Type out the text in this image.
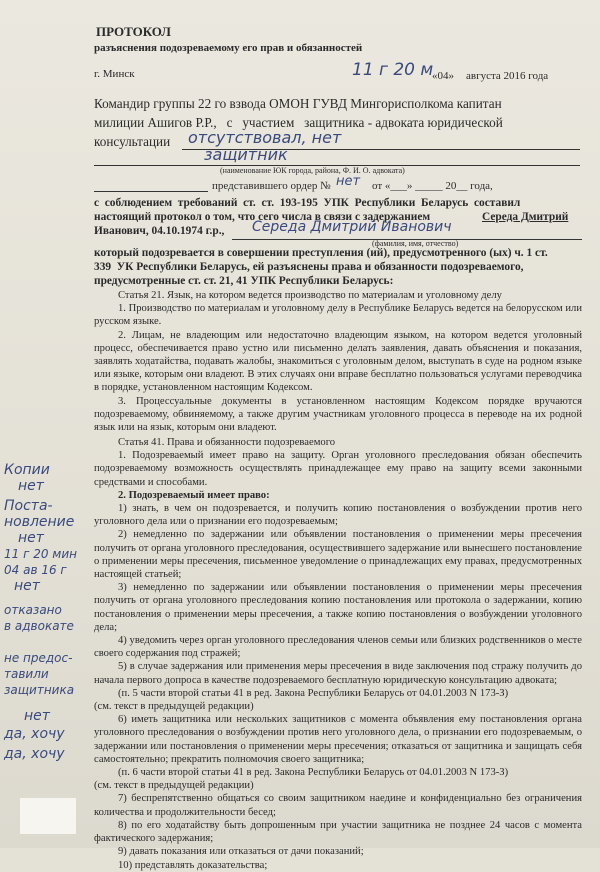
ПРОТОКОЛ
разъяснения подозреваемому его прав и обязанностей
г. Минск	11 г 20 м
«04» августа 2016 года
Командир группы 22 го взвода ОМОН ГУВД Мингорисполкома капитан
милиции Ашигов Р.Р.,   с   участием   защитника - адвоката юридической
консультации отсутствовал, нет
защитник
(наименование ЮК города, района, Ф. И. О. адвоката)
представившего ордер № нет от «___» _____ 20__ года,
с  соблюдением  требований  ст.  ст.  193-195  УПК  Республики  Беларусь  составил
настоящий протокол о том, что сего числа в связи с задержанием	Середа Дмитрий
Иванович, 04.10.1974 г.р., Середа Дмитрий Иванович
(фамилия, имя, отчество)
который подозревается в совершении преступления (ий), предусмотренного (ых) ч. 1 ст.
339  УК Республики Беларусь, ей разъяснены права и обязанности подозреваемого,
предусмотренные ст. ст. 21, 41 УПК Республики Беларусь:

Статья 21. Язык, на котором ведется производство по материалам и уголовному делу

1. Производство по материалам и уголовному делу в Республике Беларусь ведется на белорусском или русском языке.

2. Лицам, не владеющим или недостаточно владеющим языком, на котором ведется уголовный процесс, обеспечивается право устно или письменно делать заявления, давать объяснения и показания, заявлять ходатайства, подавать жалобы, знакомиться с уголовным делом, выступать в суде на родном языке или языке, которым они владеют. В этих случаях они вправе бесплатно пользоваться услугами переводчика в порядке, установленном настоящим Кодексом.

3. Процессуальные документы в установленном настоящим Кодексом порядке вручаются подозреваемому, обвиняемому, а также другим участникам уголовного процесса в переводе на их родной язык или на язык, которым они владеют.

Статья 41. Права и обязанности подозреваемого

1. Подозреваемый имеет право на защиту. Орган уголовного преследования обязан обеспечить подозреваемому возможность осуществлять принадлежащее ему право на защиту всеми законными средствами и способами.

2. Подозреваемый имеет право:

1) знать, в чем он подозревается, и получить копию постановления о возбуждении против него уголовного дела или о признании его подозреваемым;

2) немедленно по задержании или объявлении постановления о применении меры пресечения получить от органа уголовного преследования, осуществившего задержание или вынесшего постановление о применении меры пресечения, письменное уведомление о принадлежащих ему правах, предусмотренных настоящей статьей;

3) немедленно по задержании или объявлении постановления о применении меры пресечения получить от органа уголовного преследования копию постановления или протокола о задержании, копию постановления о применении меры пресечения, а также копию постановления о возбуждении уголовного дела;

4) уведомить через орган уголовного преследования членов семьи или близких родственников о месте своего содержания под стражей;

5) в случае задержания или применения меры пресечения в виде заключения под стражу получить до начала первого допроса в качестве подозреваемого бесплатную юридическую консультацию адвоката;

(п. 5 части второй статьи 41 в ред. Закона Республики Беларусь от 04.01.2003 N 173-З)

(см. текст в предыдущей редакции)

6) иметь защитника или нескольких защитников с момента объявления ему постановления органа уголовного преследования о возбуждении против него уголовного дела, о признании его подозреваемым, о задержании или постановления о применении меры пресечения; отказаться от защитника и защищать себя самостоятельно; прекратить полномочия своего защитника;

(п. 6 части второй статьи 41 в ред. Закона Республики Беларусь от 04.01.2003 N 173-З)

(см. текст в предыдущей редакции)

7) беспрепятственно общаться со своим защитником наедине и конфиденциально без ограничения количества и продолжительности бесед;

8) по его ходатайству быть допрошенным при участии защитника не позднее 24 часов с момента фактического задержания;

9) давать показания или отказаться от дачи показаний;

10) представлять доказательства;

Копии
нет
Поста-
новление
нет
11 г 20 мин
04 ав 16 г
нет
отказано
в адвокате
не предос-
тавили
защитника
нет
да, хочу
да, хочу
